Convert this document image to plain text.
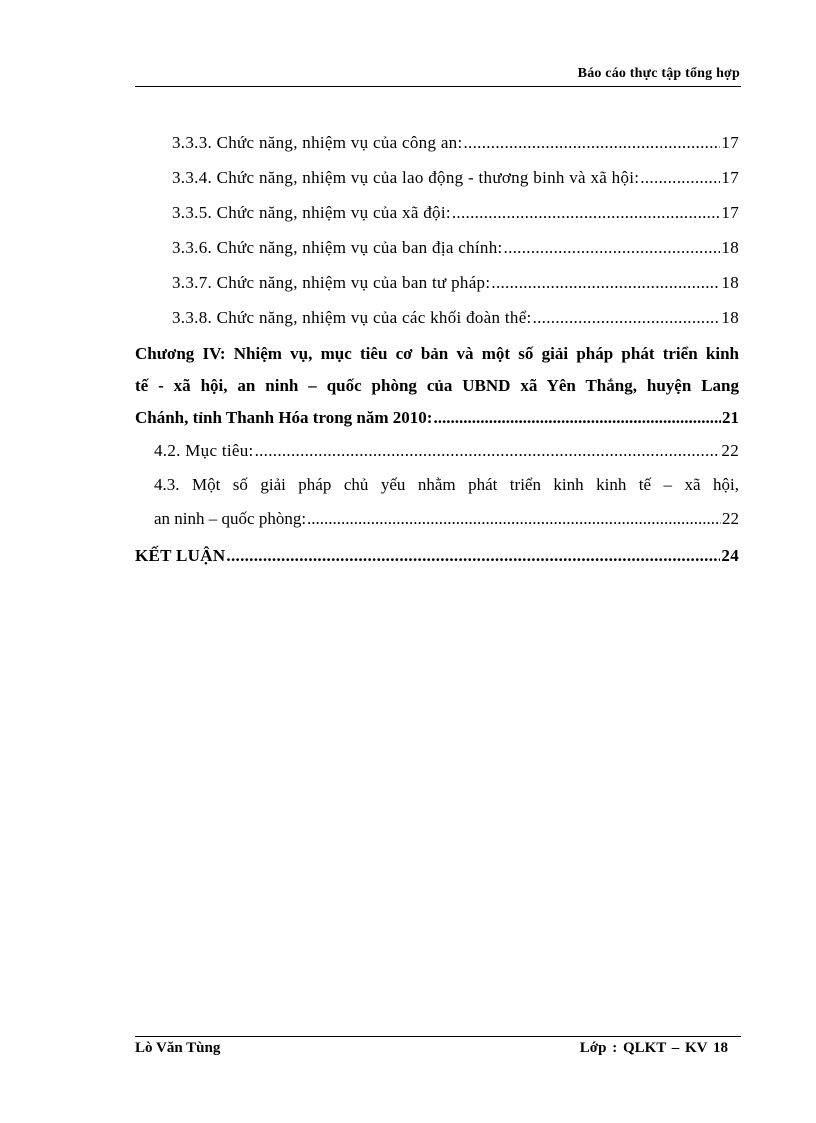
Báo cáo thực tập tổng hợp
3.3.3. Chức năng, nhiệm vụ của công an: .....	17
3.3.4. Chức năng, nhiệm vụ của lao động - thương binh và xã hội: .....	17
3.3.5. Chức năng, nhiệm vụ của xã đội: .....	17
3.3.6. Chức năng, nhiệm vụ của ban địa chính: .....	18
3.3.7. Chức năng, nhiệm vụ của ban tư pháp: .....	18
3.3.8. Chức năng, nhiệm vụ của các khối đoàn thể: .....	18
Chương IV: Nhiệm vụ, mục tiêu cơ bản và một số giải pháp phát triển kinh
tế - xã hội, an ninh – quốc phòng của UBND xã Yên Thắng, huyện Lang
Chánh, tỉnh Thanh Hóa trong năm 2010: .....	21
4.2. Mục tiêu: .....	22
4.3. Một số giải pháp chủ yếu nhằm phát triển kinh kinh tế – xã hội,
an ninh – quốc phòng: .....	22
KẾT LUẬN .....	24
Lò Văn Tùng	Lớp : QLKT – KV 18
